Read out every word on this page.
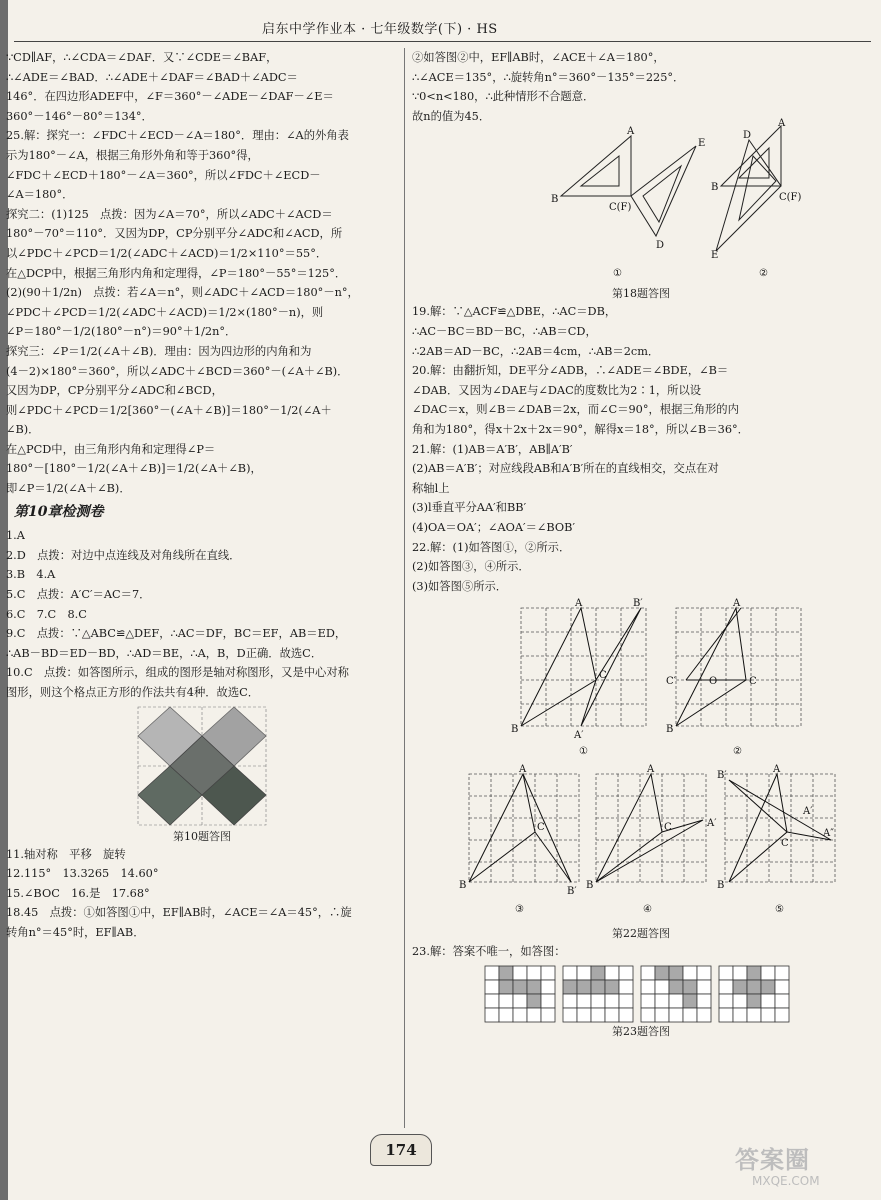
启东中学作业本 · 七年级数学(下) · HS
∵CD∥AF，∴∠CDA＝∠DAF．又∵∠CDE＝∠BAF，
∴∠ADE＝∠BAD．∴∠ADE＋∠DAF＝∠BAD＋∠ADC＝
146°．在四边形ADEF中，∠F＝360°－∠ADE－∠DAF－∠E＝
360°－146°－80°＝134°．
25.解：探究一：∠FDC＋∠ECD－∠A＝180°．理由：∠A的外角表
示为180°－∠A，根据三角形外角和等于360°得，
∠FDC＋∠ECD＋180°－∠A＝360°，所以∠FDC＋∠ECD－
∠A＝180°．
探究二：(1)125　点拨：因为∠A＝70°，所以∠ADC＋∠ACD＝
180°－70°＝110°．又因为DP，CP分别平分∠ADC和∠ACD，所
以∠PDC＋∠PCD＝1/2(∠ADC＋∠ACD)＝1/2×110°＝55°．
在△DCP中，根据三角形内角和定理得，∠P＝180°－55°＝125°．
(2)(90＋1/2n)　点拨：若∠A＝n°，则∠ADC＋∠ACD＝180°－n°，
∠PDC＋∠PCD＝1/2(∠ADC＋∠ACD)＝1/2×(180°－n)，则
∠P＝180°－1/2(180°－n°)＝90°＋1/2n°．
探究三：∠P＝1/2(∠A＋∠B)．理由：因为四边形的内角和为
(4－2)×180°＝360°，所以∠ADC＋∠BCD＝360°－(∠A＋∠B)．
又因为DP，CP分别平分∠ADC和∠BCD，
则∠PDC＋∠PCD＝1/2[360°－(∠A＋∠B)]＝180°－1/2(∠A＋
∠B)．
在△PCD中，由三角形内角和定理得∠P＝
180°－[180°－1/2(∠A＋∠B)]＝1/2(∠A＋∠B)，
即∠P＝1/2(∠A＋∠B)．
第10章检测卷
1.A
2.D　点拨：对边中点连线及对角线所在直线．
3.B　4.A
5.C　点拨：A′C′＝AC＝7．
6.C　7.C　8.C
9.C　点拨：∵△ABC≌△DEF，∴AC＝DF，BC＝EF，AB＝ED，
∴AB－BD＝ED－BD，∴AD＝BE，∴A，B，D正确．故选C．
10.C　点拨：如答图所示，组成的图形是轴对称图形，又是中心对称
图形，则这个格点正方形的作法共有4种．故选C．
第10题答图
11.轴对称　平移　旋转
12.115°　13.3265　14.60°
15.∠BOC　16.是　17.68°
18.45　点拨：①如答图①中，EF∥AB时，∠ACE＝∠A＝45°，∴旋
转角n°＝45°时，EF∥AB．
②如答图②中，EF∥AB时，∠ACE＋∠A＝180°，
∴∠ACE＝135°，∴旋转角n°＝360°－135°＝225°．
∵0<n<180，∴此种情形不合题意．
故n的值为45．
A
E
B
C(F)
D
A
D
B
C(F)
E
①	②
第18题答图
19.解：∵△ACF≌△DBE，∴AC＝DB，
∴AC－BC＝BD－BC，∴AB＝CD，
∴2AB＝AD－BC，∴2AB＝4cm，∴AB＝2cm．
20.解：由翻折知，DE平分∠ADB，∴∠ADE＝∠BDE，∠B＝
∠DAB．又因为∠DAE与∠DAC的度数比为2∶1，所以设
∠DAC＝x，则∠B＝∠DAB＝2x，而∠C＝90°，根据三角形的内
角和为180°，得x＋2x＋2x＝90°，解得x＝18°，所以∠B＝36°．
21.解：(1)AB＝A′B′，AB∥A′B′
(2)AB＝A′B′；对应线段AB和A′B′所在的直线相交，交点在对
称轴l上
(3)l垂直平分AA′和BB′
(4)OA＝OA′；∠AOA′＝∠BOB′
22.解：(1)如答图①，②所示．
(2)如答图③，④所示．
(3)如答图⑤所示．
A	B′
C
B
A′
①
A
C′	O	C
B
②
A
C
B
B′
③
A
C
B
A′
④
B′
A
A′
C
A″
B
⑤
第22题答图
23.解：答案不唯一，如答图：
第23题答图
174	答案圈
MXQE.COM
